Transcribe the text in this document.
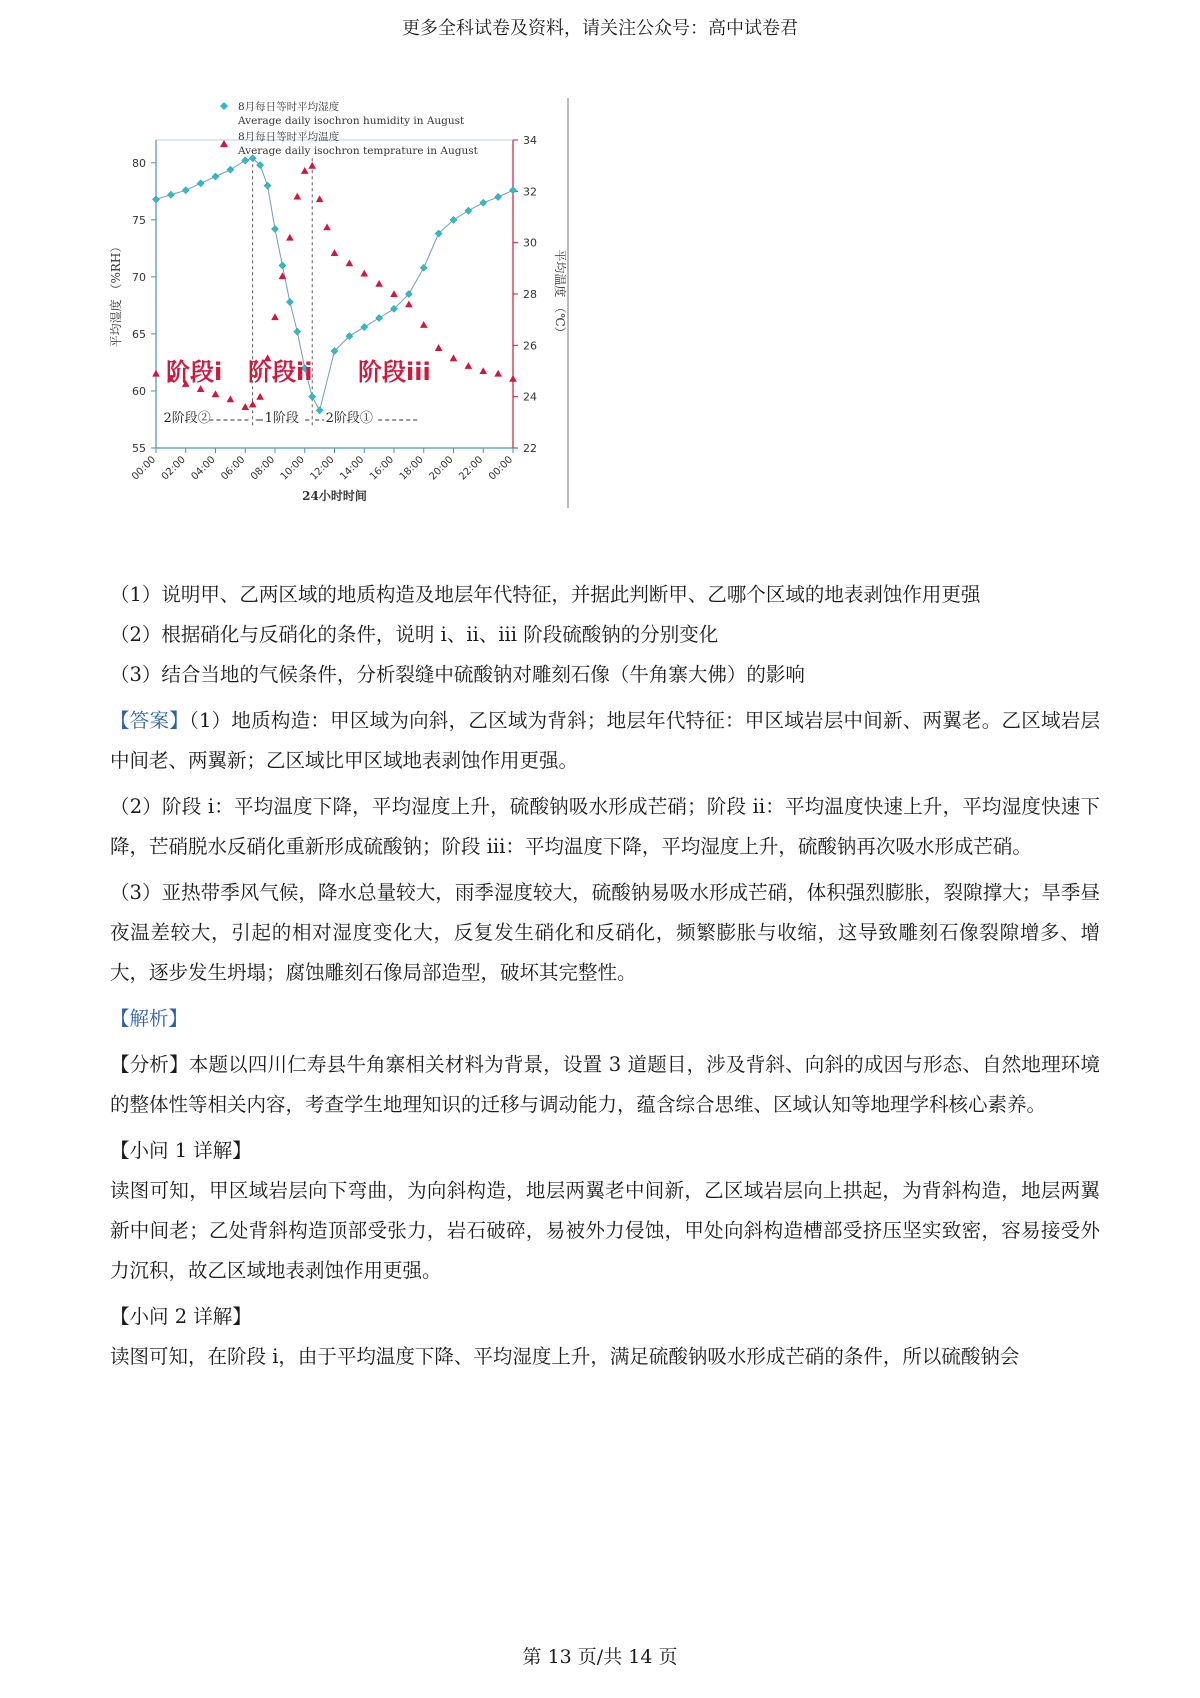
更多全科试卷及资料，请关注公众号：高中试卷君
55
60
65
70
75
80
22
24
26
28
30
32
34
00:00 02:00 04:00 06:00 08:00 10:00 12:00 14:00 16:00 18:00 20:00 22:00 00:00
24小时时间
平均湿度 （%RH）	平均温度 （℃）
阶段i 阶段ii 阶段iii
2阶段②	1阶段 2阶段①
8月每日等时平均湿度
Average daily isochron humidity in August
8月每日等时平均温度
Average daily isochron temprature in August

（1）说明甲、乙两区域的地质构造及地层年代特征，并据此判断甲、乙哪个区域的地表剥蚀作用更强

（2）根据硝化与反硝化的条件，说明 i、ii、iii 阶段硫酸钠的分别变化

（3）结合当地的气候条件，分析裂缝中硫酸钠对雕刻石像（牛角寨大佛）的影响

【答案】（1）地质构造：甲区域为向斜，乙区域为背斜；地层年代特征：甲区域岩层中间新、两翼老。乙区域岩层中间老、两翼新；乙区域比甲区域地表剥蚀作用更强。

（2）阶段 i：平均温度下降，平均湿度上升，硫酸钠吸水形成芒硝；阶段 ii：平均温度快速上升，平均湿度快速下降，芒硝脱水反硝化重新形成硫酸钠；阶段 iii：平均温度下降，平均湿度上升，硫酸钠再次吸水形成芒硝。

（3）亚热带季风气候，降水总量较大，雨季湿度较大，硫酸钠易吸水形成芒硝，体积强烈膨胀，裂隙撑大；旱季昼夜温差较大，引起的相对湿度变化大，反复发生硝化和反硝化，频繁膨胀与收缩，这导致雕刻石像裂隙增多、增大，逐步发生坍塌；腐蚀雕刻石像局部造型，破坏其完整性。

【解析】

【分析】本题以四川仁寿县牛角寨相关材料为背景，设置 3 道题目，涉及背斜、向斜的成因与形态、自然地理环境的整体性等相关内容，考查学生地理知识的迁移与调动能力，蕴含综合思维、区域认知等地理学科核心素养。

【小问 1 详解】

读图可知，甲区域岩层向下弯曲，为向斜构造，地层两翼老中间新，乙区域岩层向上拱起，为背斜构造，地层两翼新中间老；乙处背斜构造顶部受张力，岩石破碎，易被外力侵蚀，甲处向斜构造槽部受挤压坚实致密，容易接受外力沉积，故乙区域地表剥蚀作用更强。

【小问 2 详解】

读图可知，在阶段 i，由于平均温度下降、平均湿度上升，满足硫酸钠吸水形成芒硝的条件，所以硫酸钠会

第 13 页/共 14 页
